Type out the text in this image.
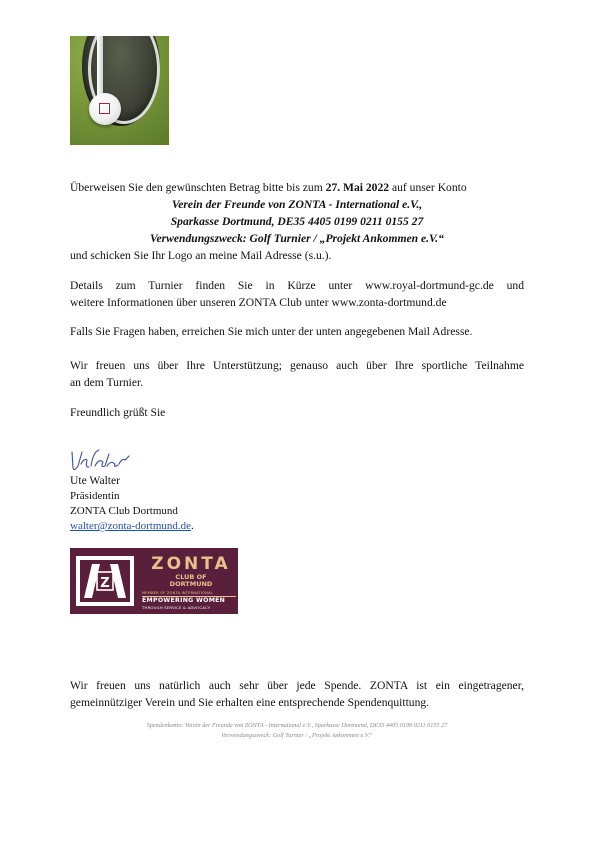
Überweisen Sie den gewünschten Betrag bitte bis zum 27. Mai 2022 auf unser Konto
Verein der Freunde von ZONTA - International e.V.,
Sparkasse Dortmund, DE35 4405 0199 0211 0155 27
Verwendungszweck: Golf Turnier / „Projekt Ankommen e.V.“
und schicken Sie Ihr Logo an meine Mail Adresse (s.u.).
Details zum Turnier finden Sie in Kürze unter www.royal-dortmund-gc.de und
weitere Informationen über unseren ZONTA Club unter www.zonta-dortmund.de
Falls Sie Fragen haben, erreichen Sie mich unter der unten angegebenen Mail Adresse.
Wir freuen uns über Ihre Unterstützung; genauso auch über Ihre sportliche Teilnahme
an dem Turnier.
Freundlich grüßt Sie
Ute Walter
Präsidentin
ZONTA Club Dortmund
walter@zonta-dortmund.de.
Z
ZONTA
CLUB OF
DORTMUND
MEMBER OF ZONTA INTERNATIONAL
EMPOWERING WOMEN
THROUGH SERVICE & ADVOCACY
Wir freuen uns natürlich auch sehr über jede Spende. ZONTA ist ein eingetragener,
gemeinnütziger Verein und Sie erhalten eine entsprechende Spendenquittung.
Spendenkonto: Verein der Freunde von ZONTA - International e.V., Sparkasse Dortmund, DE35 4405 0199 0211 0155 27
Verwendungszweck: Golf Turnier / „Projekt Ankommen e.V.“
